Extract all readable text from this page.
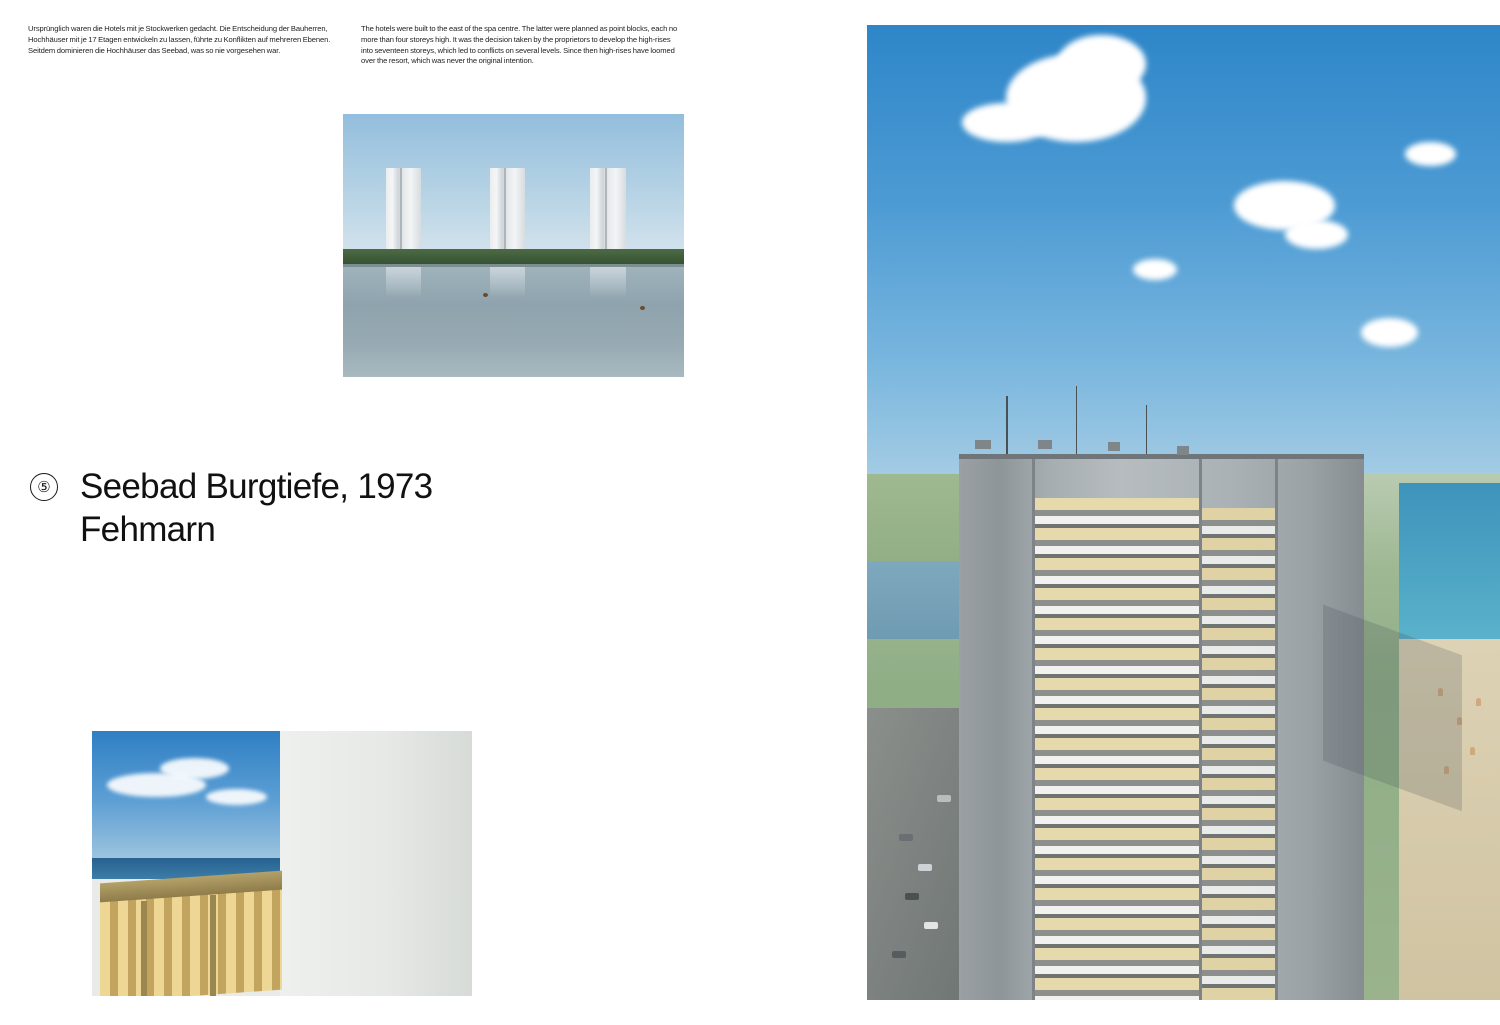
Ursprünglich waren die Hotels mit je Stockwerken gedacht. Die Entscheidung der Bauherren, Hochhäuser mit je 17 Etagen entwickeln zu lassen, führte zu Konflikten auf mehreren Ebenen. Seitdem dominieren die Hochhäuser das Seebad, was so nie vorgesehen war.

The hotels were built to the east of the spa centre. The latter were planned as point blocks, each no more than four storeys high. It was the decision taken by the proprietors to develop the high-rises into seventeen storeys, which led to conflicts on several levels. Since then high-rises have loomed over the resort, which was never the original intention.

⑤ Seebad Burgtiefe, 1973
Fehmarn
